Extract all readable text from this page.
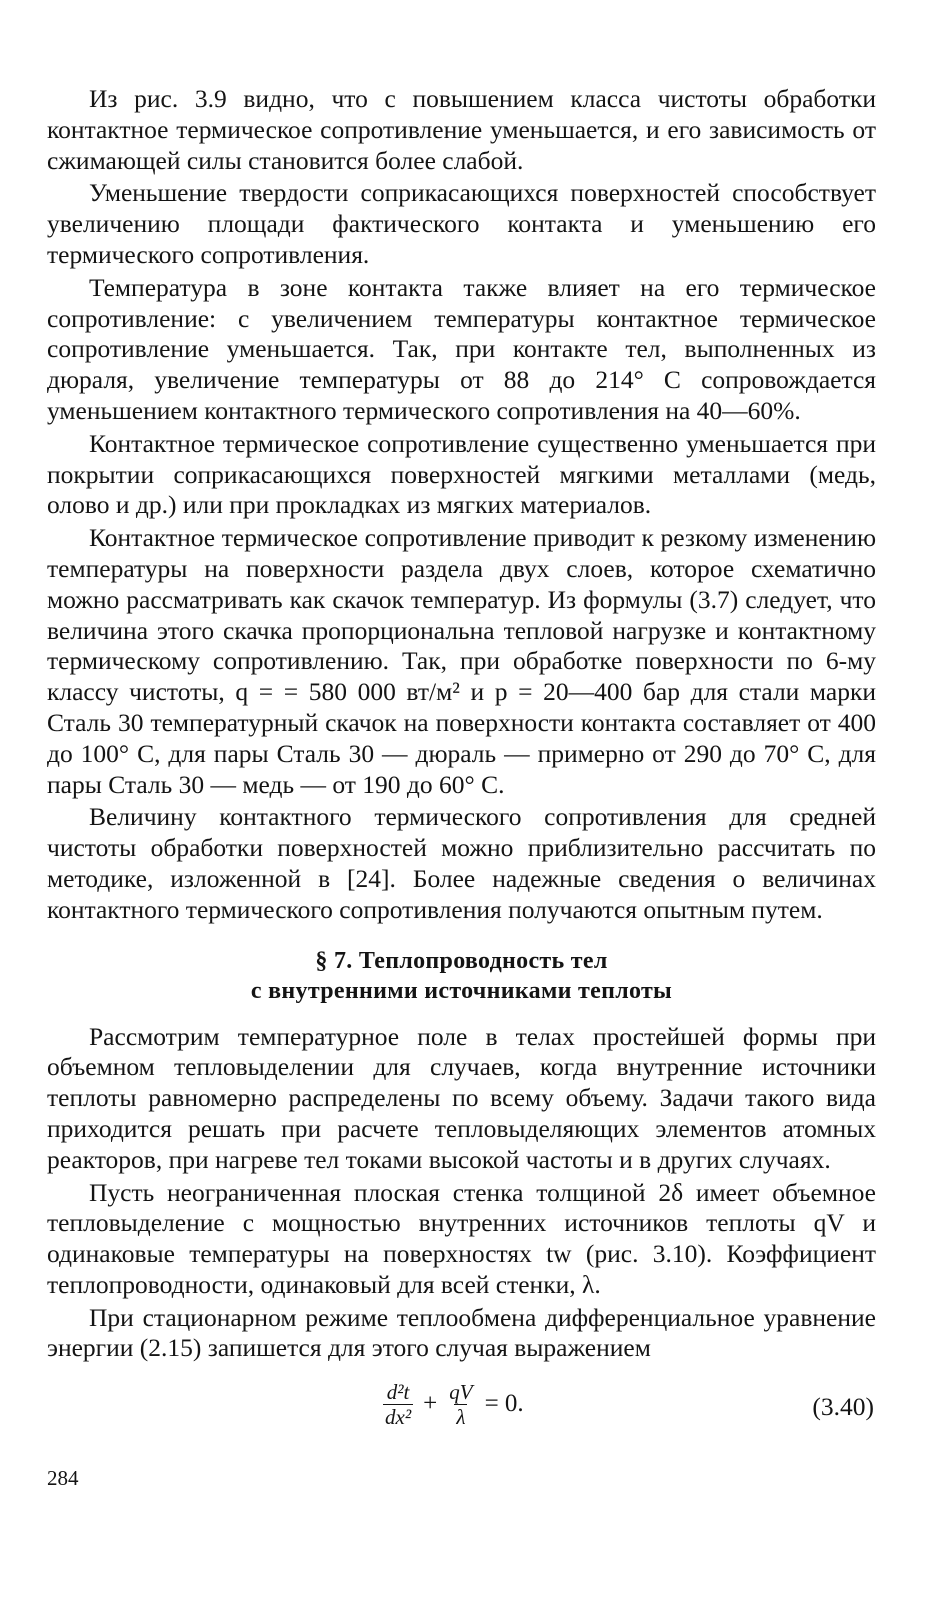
Из рис. 3.9 видно, что с повышением класса чистоты обработки контактное термическое сопротивление уменьшается, и его зависимость от сжимающей силы становится более слабой.

Уменьшение твердости соприкасающихся поверхностей способствует увеличению площади фактического контакта и уменьшению его термического сопротивления.

Температура в зоне контакта также влияет на его термическое сопротивление: с увеличением температуры контактное термическое сопротивление уменьшается. Так, при контакте тел, выполненных из дюраля, увеличение температуры от 88 до 214° С сопровождается уменьшением контактного термического сопротивления на 40—60%.

Контактное термическое сопротивление существенно уменьшается при покрытии соприкасающихся поверхностей мягкими металлами (медь, олово и др.) или при прокладках из мягких материалов.

Контактное термическое сопротивление приводит к резкому изменению температуры на поверхности раздела двух слоев, которое схематично можно рассматривать как скачок температур. Из формулы (3.7) следует, что величина этого скачка пропорциональна тепловой нагрузке и контактному термическому сопротивлению. Так, при обработке поверхности по 6-му классу чистоты, q = = 580 000 вт/м² и p = 20—400 бар для стали марки Сталь 30 температурный скачок на поверхности контакта составляет от 400 до 100° С, для пары Сталь 30 — дюраль — примерно от 290 до 70° С, для пары Сталь 30 — медь — от 190 до 60° С.

Величину контактного термического сопротивления для средней чистоты обработки поверхностей можно приблизительно рассчитать по методике, изложенной в [24]. Более надежные сведения о величинах контактного термического сопротивления получаются опытным путем.

§ 7. Теплопроводность тел
с внутренними источниками теплоты

Рассмотрим температурное поле в телах простейшей формы при объемном тепловыделении для случаев, когда внутренние источники теплоты равномерно распределены по всему объему. Задачи такого вида приходится решать при расчете тепловыделяющих элементов атомных реакторов, при нагреве тел токами высокой частоты и в других случаях.

Пусть неограниченная плоская стенка толщиной 2δ имеет объемное тепловыделение с мощностью внутренних источников теплоты qV и одинаковые температуры на поверхностях tw (рис. 3.10). Коэффициент теплопроводности, одинаковый для всей стенки, λ.

При стационарном режиме теплообмена дифференциальное уравнение энергии (2.15) запишется для этого случая выражением

$\frac{\text{d²t}}{\text{dx²}} + \frac{qV}{\lambda} = 0$.	(3.40)
284
